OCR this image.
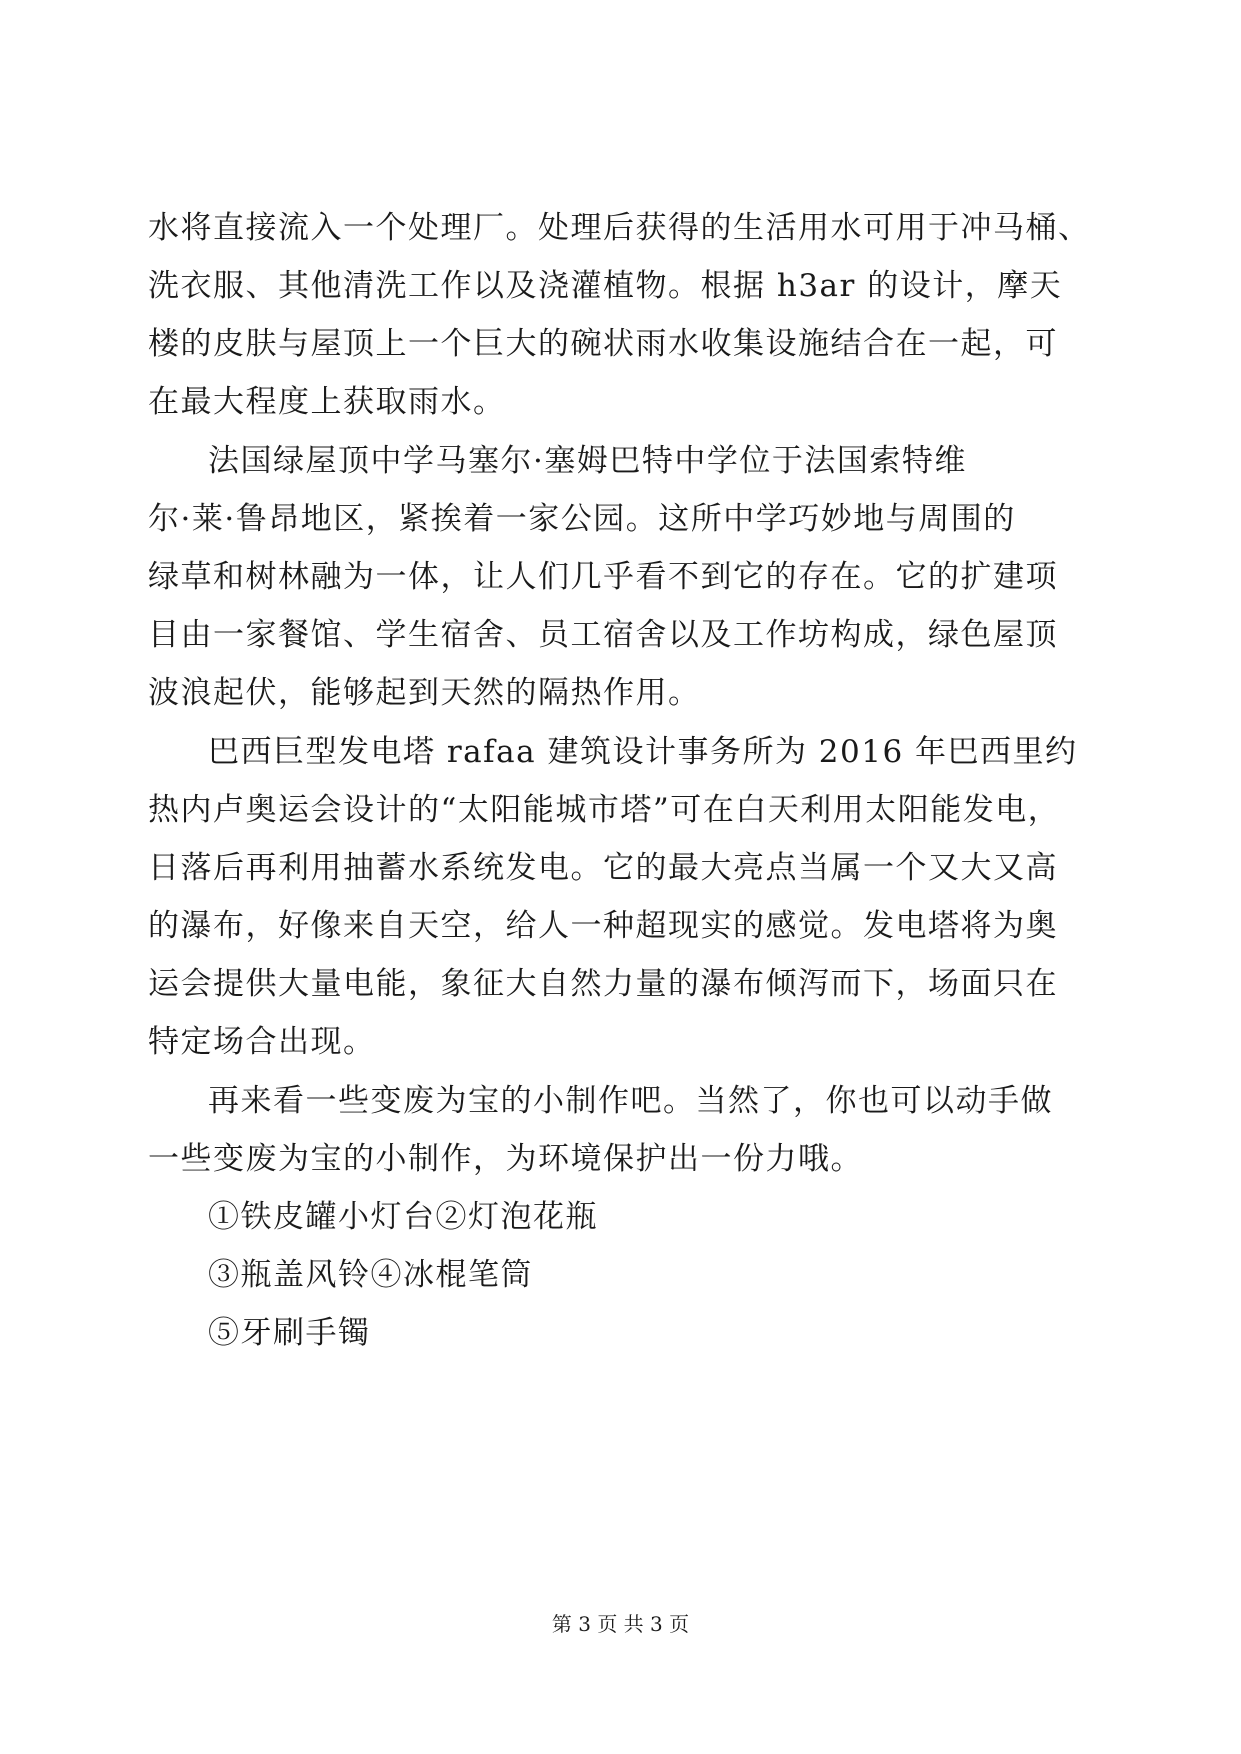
水将直接流入一个处理厂。处理后获得的生活用水可用于冲马桶、
洗衣服、其他清洗工作以及浇灌植物。根据 h3ar 的设计，摩天
楼的皮肤与屋顶上一个巨大的碗状雨水收集设施结合在一起，可
在最大程度上获取雨水。
法国绿屋顶中学马塞尔·塞姆巴特中学位于法国索特维
尔·莱·鲁昂地区，紧挨着一家公园。这所中学巧妙地与周围的
绿草和树林融为一体，让人们几乎看不到它的存在。它的扩建项
目由一家餐馆、学生宿舍、员工宿舍以及工作坊构成，绿色屋顶
波浪起伏，能够起到天然的隔热作用。
巴西巨型发电塔 rafaa 建筑设计事务所为 2016 年巴西里约
热内卢奥运会设计的“太阳能城市塔”可在白天利用太阳能发电，
日落后再利用抽蓄水系统发电。它的最大亮点当属一个又大又高
的瀑布，好像来自天空，给人一种超现实的感觉。发电塔将为奥
运会提供大量电能，象征大自然力量的瀑布倾泻而下，场面只在
特定场合出现。
再来看一些变废为宝的小制作吧。当然了，你也可以动手做
一些变废为宝的小制作，为环境保护出一份力哦。
①铁皮罐小灯台②灯泡花瓶
③瓶盖风铃④冰棍笔筒
⑤牙刷手镯
第 3 页 共 3 页
